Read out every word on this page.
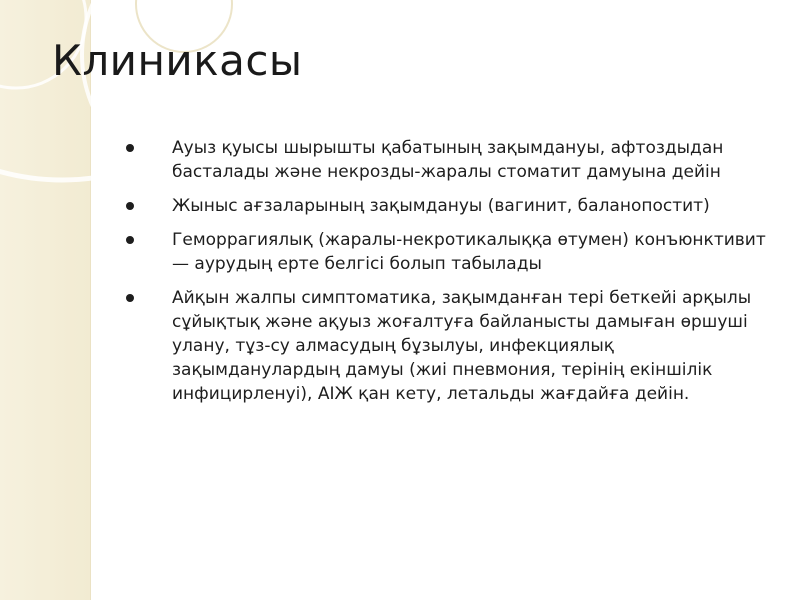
Клиникасы
Ауыз қуысы шырышты қабатының зақымдануы, афтоздыдан басталады және некрозды-жаралы стоматит дамуына дейін
Жыныс ағзаларының зақымдануы (вагинит, баланопостит)
Геморрагиялық (жаралы-некротикалыққа өтумен) конъюнктивит — аурудың ерте белгісі болып табылады
Айқын жалпы симптоматика, зақымданған тері беткейі арқылы сұйықтық және ақуыз жоғалтуға байланысты дамыған өршуші улану, тұз-су алмасудың бұзылуы, инфекциялық зақымданулардың дамуы (жиі пневмония, терінің екіншілік инфицирленуі), АІЖ қан кету, летальды жағдайға дейін.
